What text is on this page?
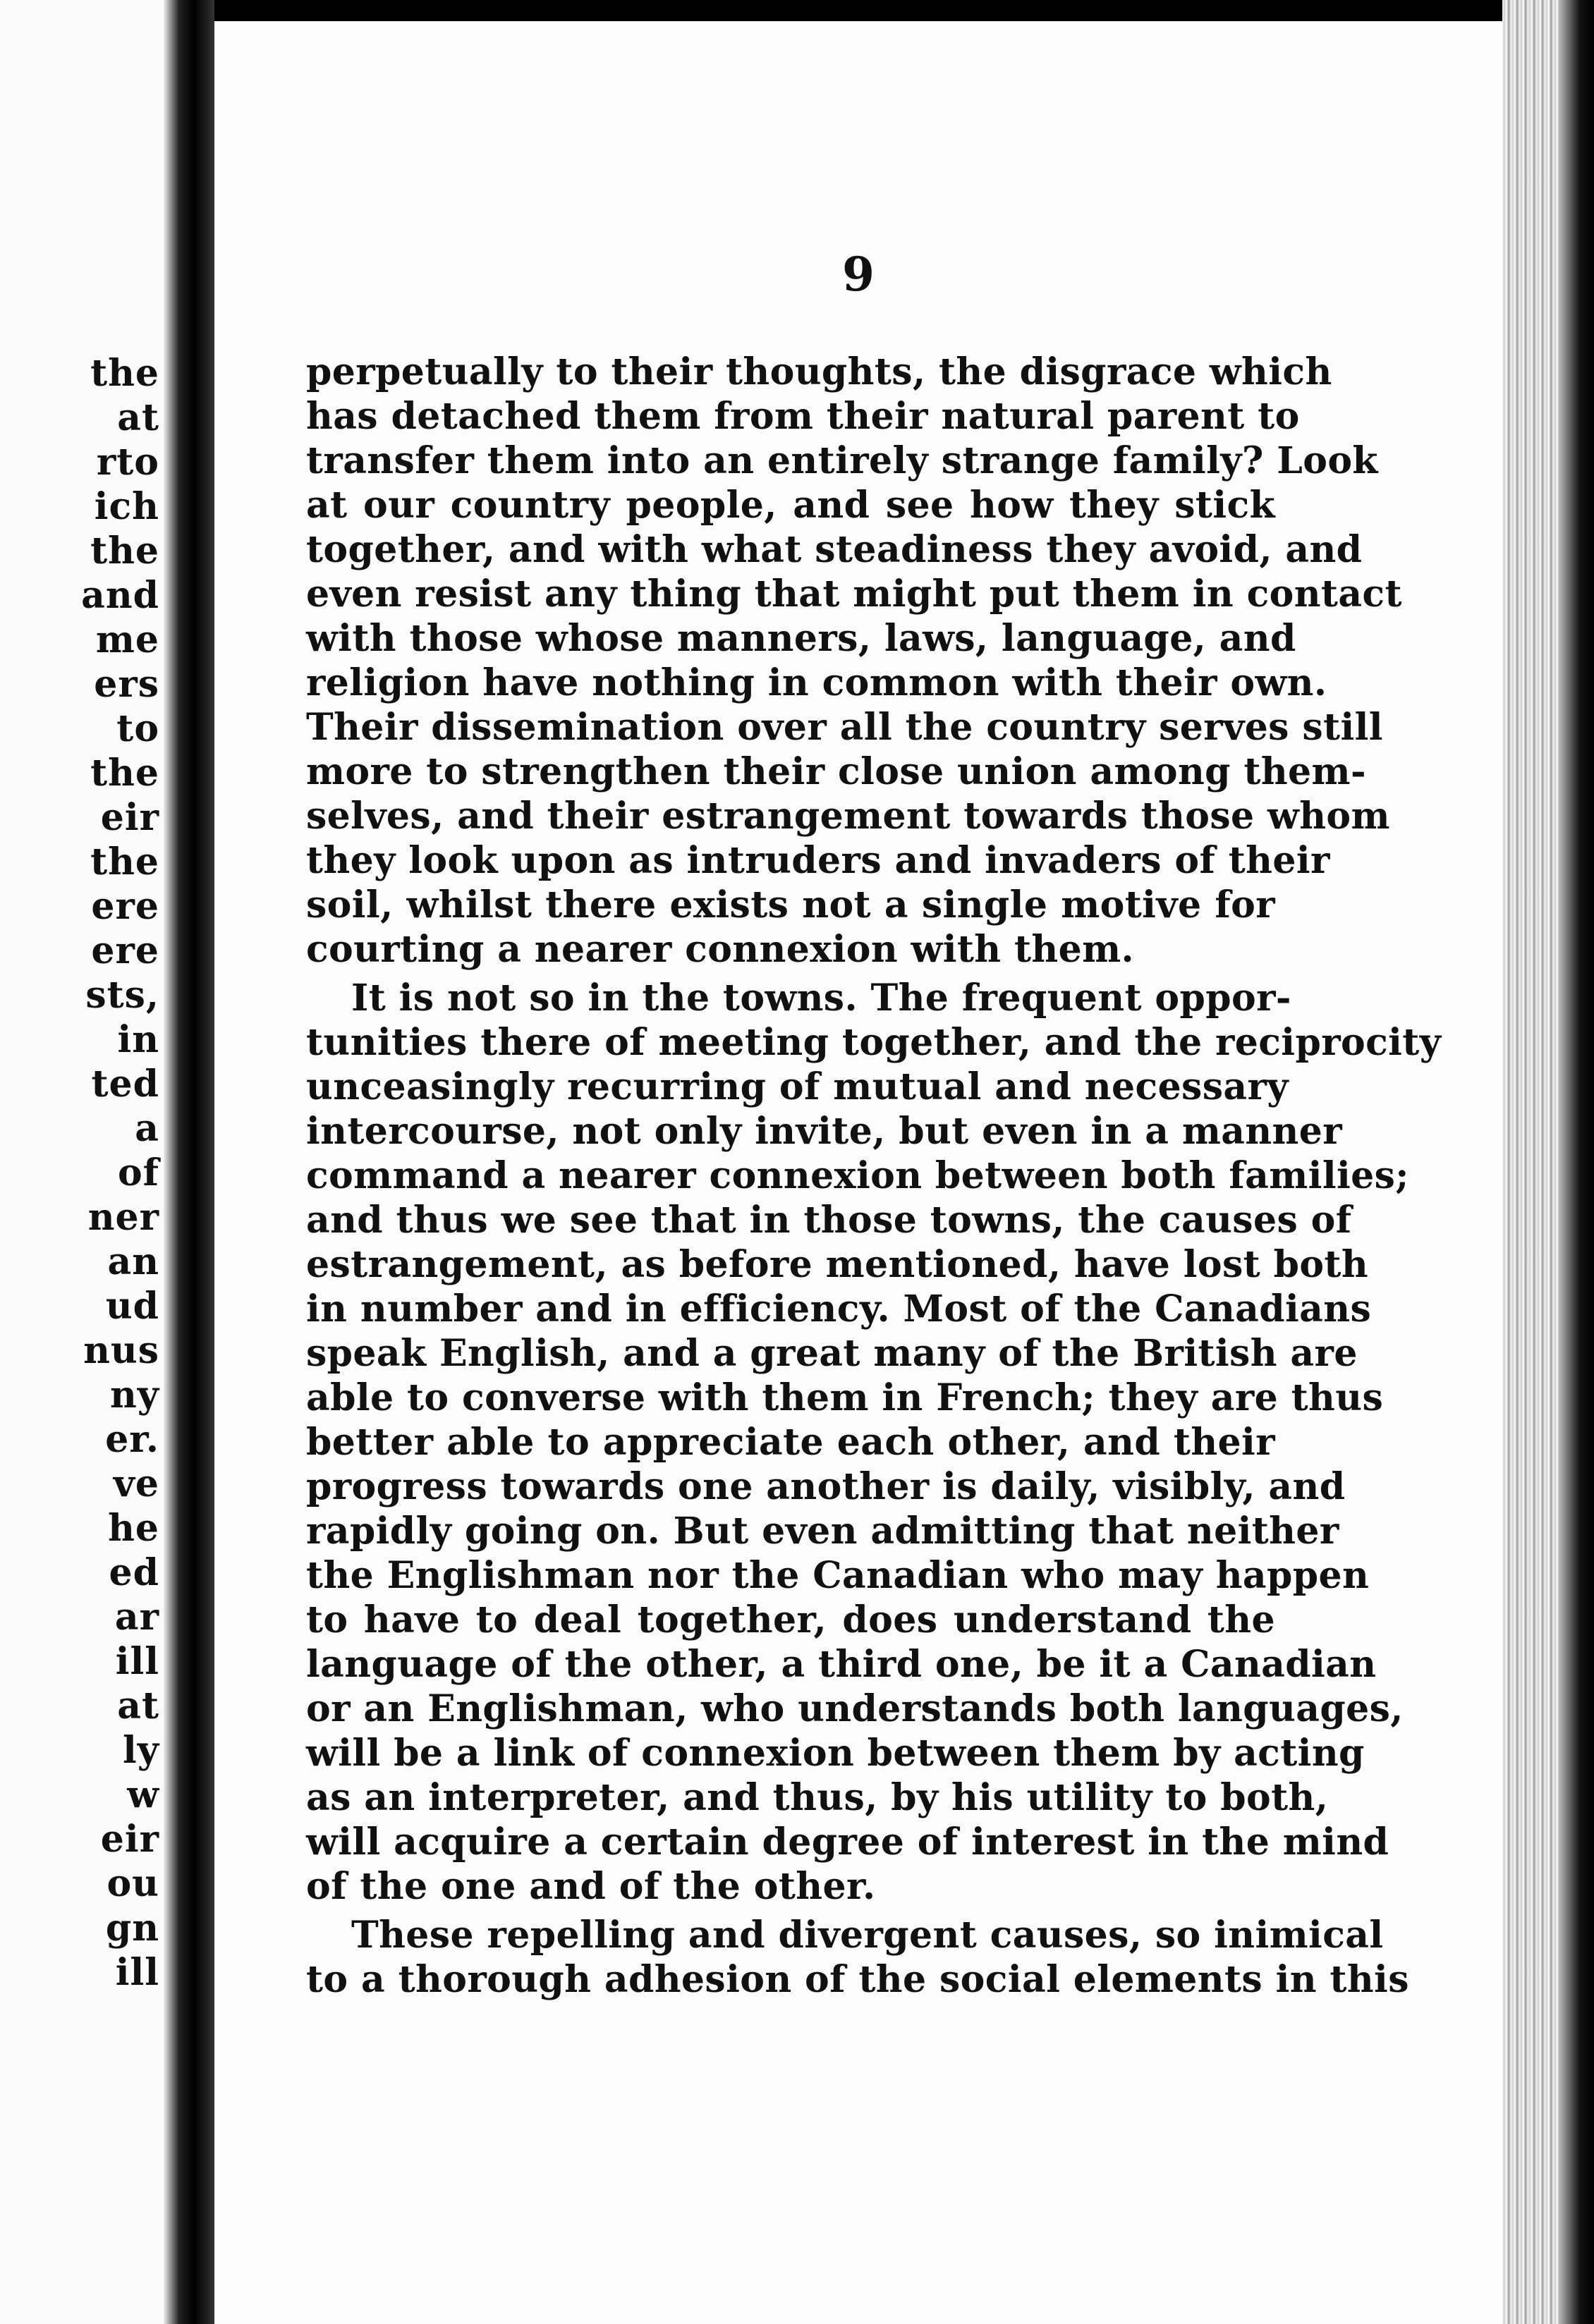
the
at
rto
ich
the
and
me
ers
to
the
eir
the
ere
ere
sts,
in
ted
a
of
ner
an
ud
nus
ny
er.
ve
he
ed
ar
ill
at
ly
w
eir
ou
gn
ill
9
perpetually to their thoughts, the disgrace which
has detached them from their natural parent to
transfer them into an entirely strange family? Look
at our country people, and see how they stick
together, and with what steadiness they avoid, and
even resist any thing that might put them in contact
with those whose manners, laws, language, and
religion have nothing in common with their own.
Their dissemination over all the country serves still
more to strengthen their close union among them-
selves, and their estrangement towards those whom
they look upon as intruders and invaders of their
soil, whilst there exists not a single motive for
courting a nearer connexion with them.
It is not so in the towns. The frequent oppor-
tunities there of meeting together, and the reciprocity
unceasingly recurring of mutual and necessary
intercourse, not only invite, but even in a manner
command a nearer connexion between both families;
and thus we see that in those towns, the causes of
estrangement, as before mentioned, have lost both
in number and in efficiency. Most of the Canadians
speak English, and a great many of the British are
able to converse with them in French; they are thus
better able to appreciate each other, and their
progress towards one another is daily, visibly, and
rapidly going on. But even admitting that neither
the Englishman nor the Canadian who may happen
to have to deal together, does understand the
language of the other, a third one, be it a Canadian
or an Englishman, who understands both languages,
will be a link of connexion between them by acting
as an interpreter, and thus, by his utility to both,
will acquire a certain degree of interest in the mind
of the one and of the other.
These repelling and divergent causes, so inimical
to a thorough adhesion of the social elements in this
